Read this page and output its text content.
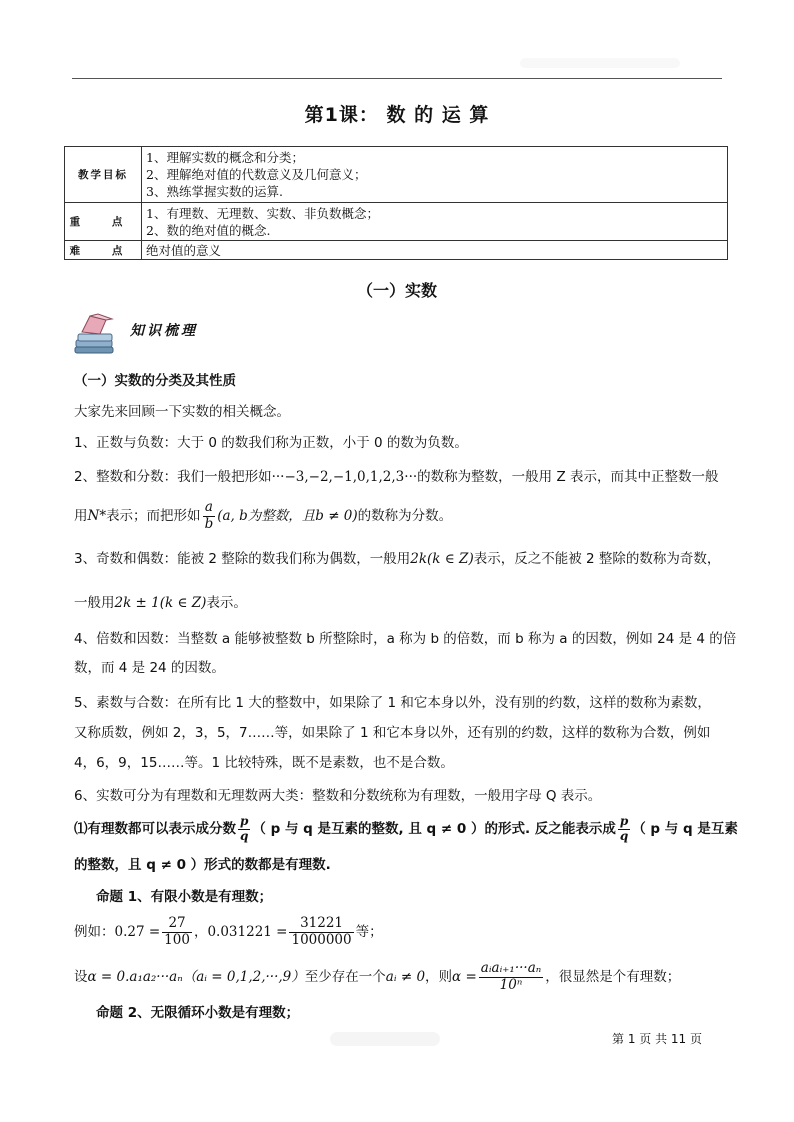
第1课： 数 的 运 算
教学目标	1、理解实数的概念和分类；
2、理解绝对值的代数意义及几何意义；
3、熟练掌握实数的运算.

重 点	1、有理数、无理数、实数、非负数概念；
2、数的绝对值的概念.

难 点	绝对值的意义
（一）实数
知识梳理
（一）实数的分类及其性质
大家先来回顾一下实数的相关概念。
1、正数与负数：大于 0 的数我们称为正数，小于 0 的数为负数。
2、整数和分数：我们一般把形如···−3,−2,−1,0,1,2,3···的数称为整数，一般用 Z 表示，而其中正整数一般
用N*表示；而把形如 $\frac{a}{b} (a$, b为整数，且b ≠ 0)的数称为分数。
3、奇数和偶数：能被 2 整除的数我们称为偶数，一般用2k(k ∈ Z)表示，反之不能被 2 整除的数称为奇数，
一般用2k ± 1(k ∈ Z)表示。
4、倍数和因数：当整数 a 能够被整数 b 所整除时，a 称为 b 的倍数，而 b 称为 a 的因数，例如 24 是 4 的倍
数，而 4 是 24 的因数。
5、素数与合数：在所有比 1 大的整数中，如果除了 1 和它本身以外，没有别的约数，这样的数称为素数，
又称质数，例如 2，3，5，7……等，如果除了 1 和它本身以外，还有别的约数，这样的数称为合数，例如
4，6，9，15……等。1 比较特殊，既不是素数，也不是合数。
6、实数可分为有理数和无理数两大类：整数和分数统称为有理数，一般用字母 Q 表示。
⑴有理数都可以表示成分数 $\frac{p}{q}$ （ p 与 q 是互素的整数, 且 q ≠ 0 ）的形式. 反之能表示成 $\frac{p}{q}$ （ p 与 q 是互素
的整数，且 q ≠ 0 ）形式的数都是有理数.
命题 1、有限小数是有理数；
例如：$0.27 = \frac{27}{100}$ ，$0.031221 = \frac{31221}{1000000}$ 等；
设α = 0.a₁a₂···aₙ（aᵢ = 0,1,2,···,9）至少存在一个aᵢ ≠ 0，则$\alpha = \frac{\text{aᵢaᵢ₊₁···aₙ}}{\text{10ⁿ}}$ ，很显然是个有理数；
命题 2、无限循环小数是有理数；
第 1 页 共 11 页
